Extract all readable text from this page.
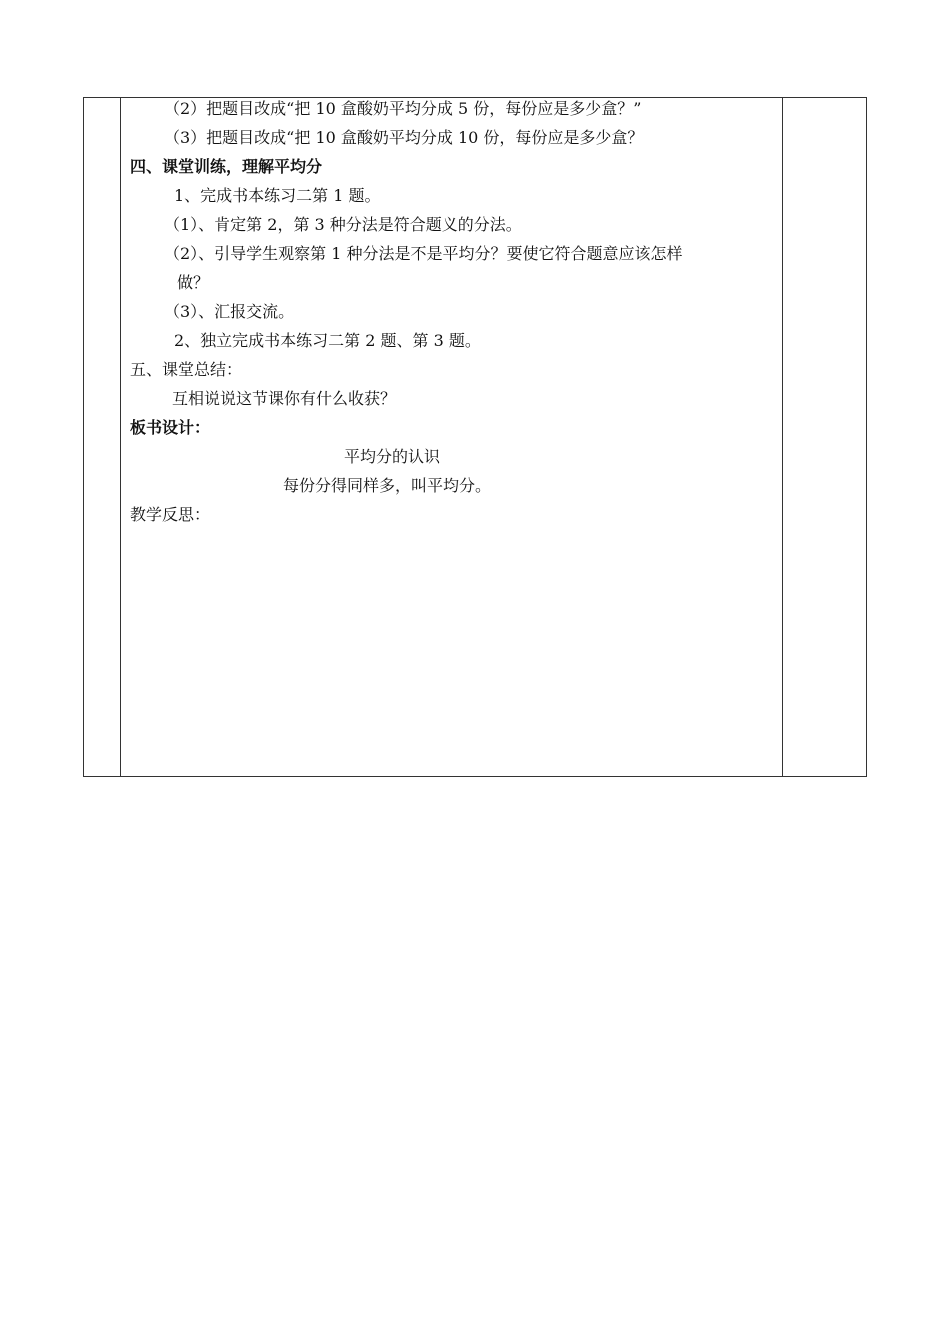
（2）把题目改成“把 10 盒酸奶平均分成 5 份，每份应是多少盒？”
（3）把题目改成“把 10 盒酸奶平均分成 10 份，每份应是多少盒？
四、课堂训练，理解平均分
1、完成书本练习二第 1 题。
（1）、肯定第 2，第 3 种分法是符合题义的分法。
（2）、引导学生观察第 1 种分法是不是平均分？要使它符合题意应该怎样
做？
（3）、汇报交流。
2、独立完成书本练习二第 2 题、第 3 题。
五、课堂总结：
互相说说这节课你有什么收获？
板书设计：
平均分的认识
每份分得同样多，叫平均分。
教学反思：
